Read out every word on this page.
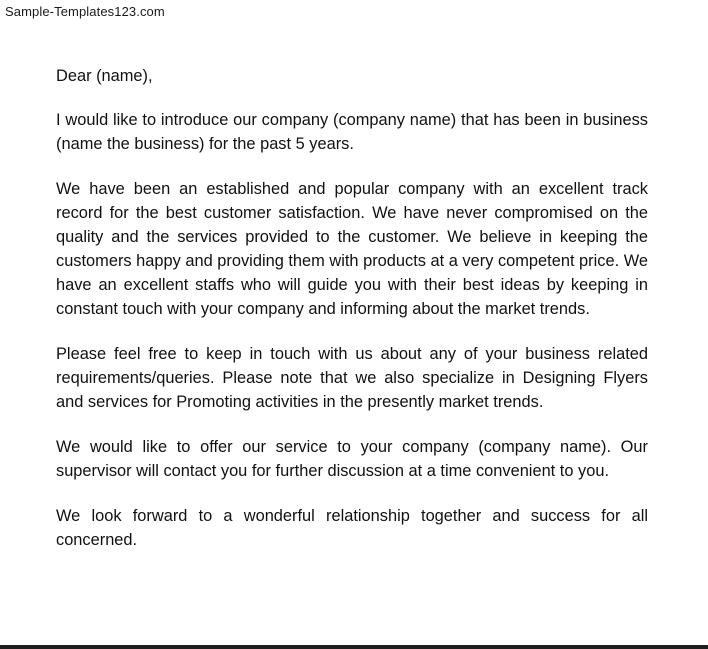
Sample-Templates123.com

Dear (name),

I would like to introduce our company (company name) that has been in business (name the business) for the past 5 years.

We have been an established and popular company with an excellent track record for the best customer satisfaction. We have never compromised on the quality and the services provided to the customer. We believe in keeping the customers happy and providing them with products at a very competent price. We have an excellent staffs who will guide you with their best ideas by keeping in constant touch with your company and informing about the market trends.

Please feel free to keep in touch with us about any of your business related requirements/queries. Please note that we also specialize in Designing Flyers and services for Promoting activities in the presently market trends.

We would like to offer our service to your company (company name). Our supervisor will contact you for further discussion at a time convenient to you.

We look forward to a wonderful relationship together and success for all concerned.
